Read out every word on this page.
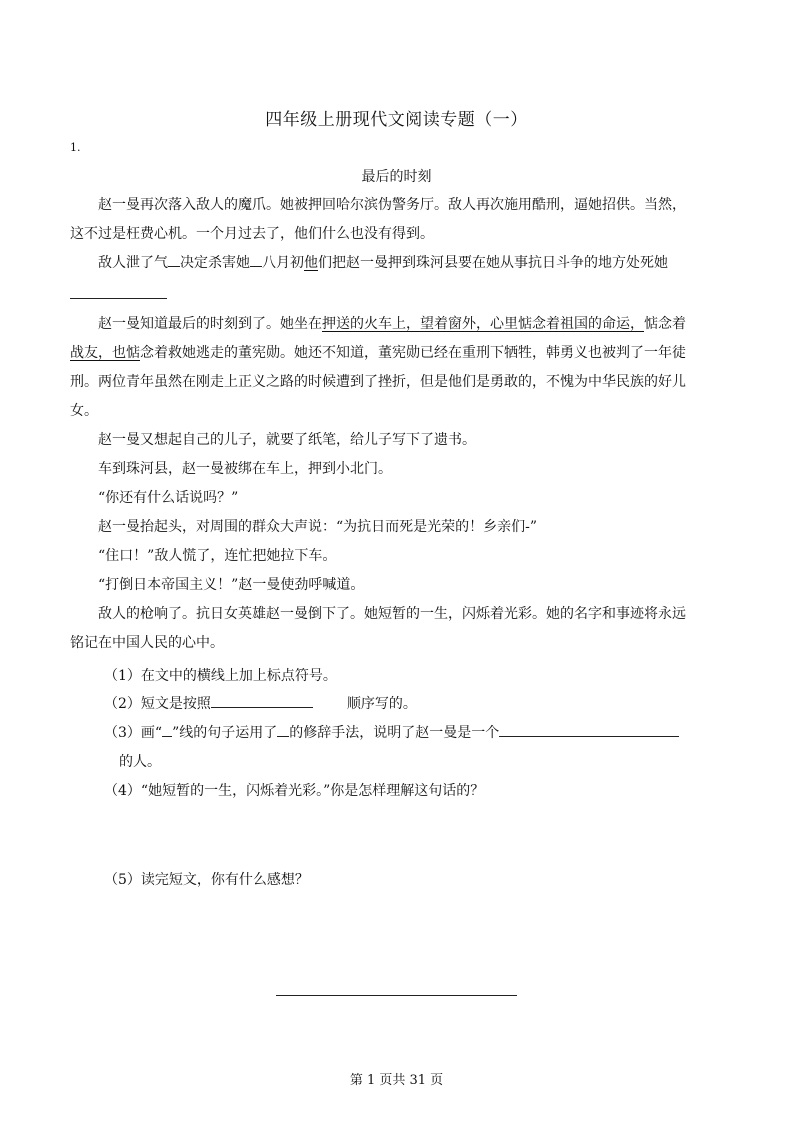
四年级上册现代文阅读专题（一）
1.
最后的时刻
赵一曼再次落入敌人的魔爪。她被押回哈尔滨伪警务厅。敌人再次施用酷刑，逼她招供。当然，
这不过是枉费心机。一个月过去了，他们什么也没有得到。
敌人泄了气 决定杀害她 八月初他们把赵一曼押到珠河县要在她从事抗日斗争的地方处死她
赵一曼知道最后的时刻到了。她坐在押送的火车上，望着窗外，心里惦念着祖国的命运，惦念着
战友，也惦念着救她逃走的董宪勋。她还不知道，董宪勋已经在重刑下牺牲，韩勇义也被判了一年徒
刑。两位青年虽然在刚走上正义之路的时候遭到了挫折，但是他们是勇敢的，不愧为中华民族的好儿
女。
赵一曼又想起自己的儿子，就要了纸笔，给儿子写下了遗书。
车到珠河县，赵一曼被绑在车上，押到小北门。
“你还有什么话说吗？”
赵一曼抬起头，对周围的群众大声说：“为抗日而死是光荣的！乡亲们-”
“住口！”敌人慌了，连忙把她拉下车。
“打倒日本帝国主义！”赵一曼使劲呼喊道。
敌人的枪响了。抗日女英雄赵一曼倒下了。她短暂的一生，闪烁着光彩。她的名字和事迹将永远
铭记在中国人民的心中。
（1）在文中的横线上加上标点符号。
（2）短文是按照	顺序写的。
（3）画“ ”线的句子运用了 的修辞手法，说明了赵一曼是一个
的人。
（4）“她短暂的一生，闪烁着光彩。”你是怎样理解这句话的？
（5）读完短文，你有什么感想？
第 1 页共 31 页
